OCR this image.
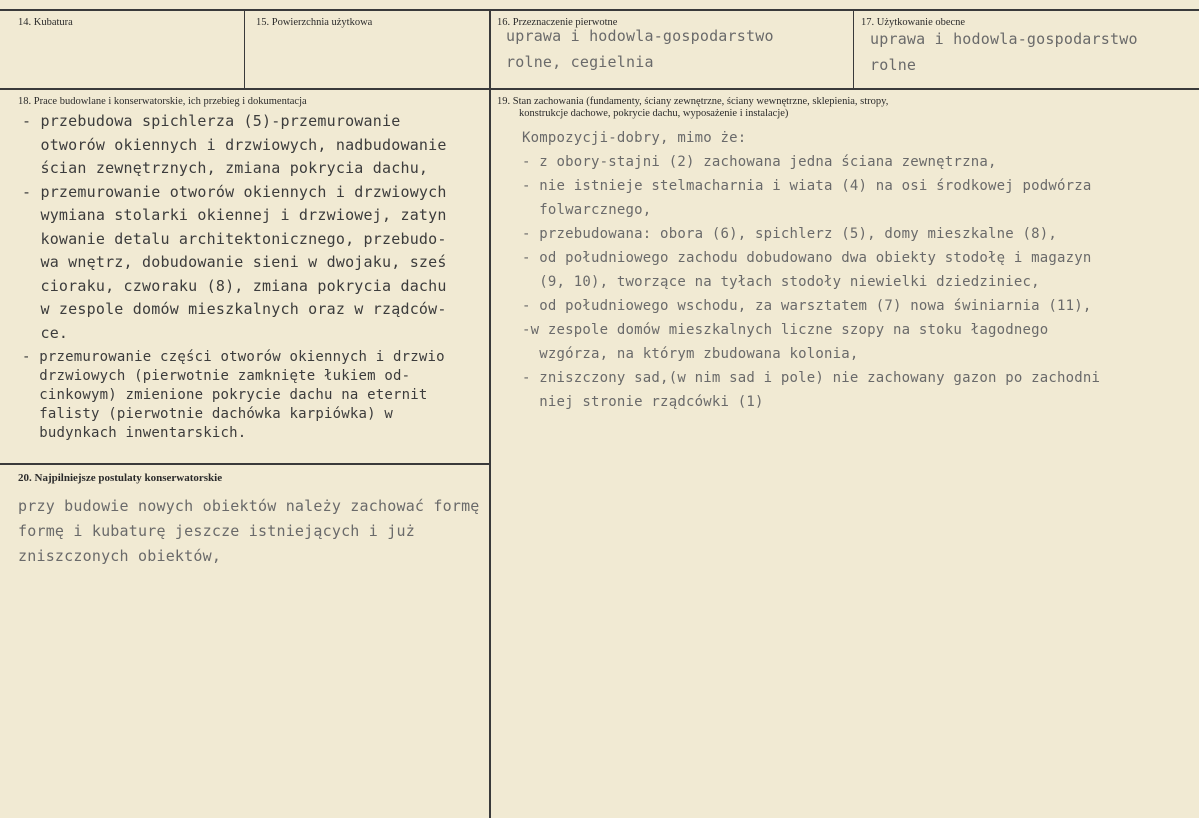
14. Kubatura	15. Powierzchnia użytkowa	16. Przeznaczenie pierwotne
uprawa i hodowla-gospodarstwo
rolne, cegielnia
17. Użytkowanie obecne
uprawa i hodowla-gospodarstwo
rolne
18. Prace budowlane i konserwatorskie, ich przebieg i dokumentacja
- przebudowa spichlerza (5)-przemurowanie
otworów okiennych i drzwiowych, nadbudowanie
ścian zewnętrznych, zmiana pokrycia dachu,
- przemurowanie otworów okiennych i drzwiowych
wymiana stolarki okiennej i drzwiowej, zatyn
kowanie detalu architektonicznego, przebudo-
wa wnętrz, dobudowanie sieni w dwojaku, sześ
cioraku, czworaku (8), zmiana pokrycia dachu
w zespole domów mieszkalnych oraz w rządców-
ce.
- przemurowanie części otworów okiennych i drzwio
drzwiowych (pierwotnie zamknięte łukiem od-
cinkowym) zmienione pokrycie dachu na eternit
falisty (pierwotnie dachówka karpiówka) w
budynkach inwentarskich.
19. Stan zachowania (fundamenty, ściany zewnętrzne, ściany wewnętrzne, sklepienia, stropy,
konstrukcje dachowe, pokrycie dachu, wyposażenie i instalacje)
Kompozycji-dobry, mimo że:
- z obory-stajni (2) zachowana jedna ściana zewnętrzna,
- nie istnieje stelmacharnia i wiata (4) na osi środkowej podwórza
folwarcznego,
- przebudowana: obora (6), spichlerz (5), domy mieszkalne (8),
- od południowego zachodu dobudowano dwa obiekty stodołę i magazyn
(9, 10), tworzące na tyłach stodoły niewielki dziedziniec,
- od południowego wschodu, za warsztatem (7) nowa świniarnia (11),
-w zespole domów mieszkalnych liczne szopy na stoku łagodnego
wzgórza, na którym zbudowana kolonia,
- zniszczony sad,(w nim sad i pole) nie zachowany gazon po zachodni
niej stronie rządcówki (1)
20. Najpilniejsze postulaty konserwatorskie
przy budowie nowych obiektów należy zachować formę
formę i kubaturę jeszcze istniejących i już
zniszczonych obiektów,
